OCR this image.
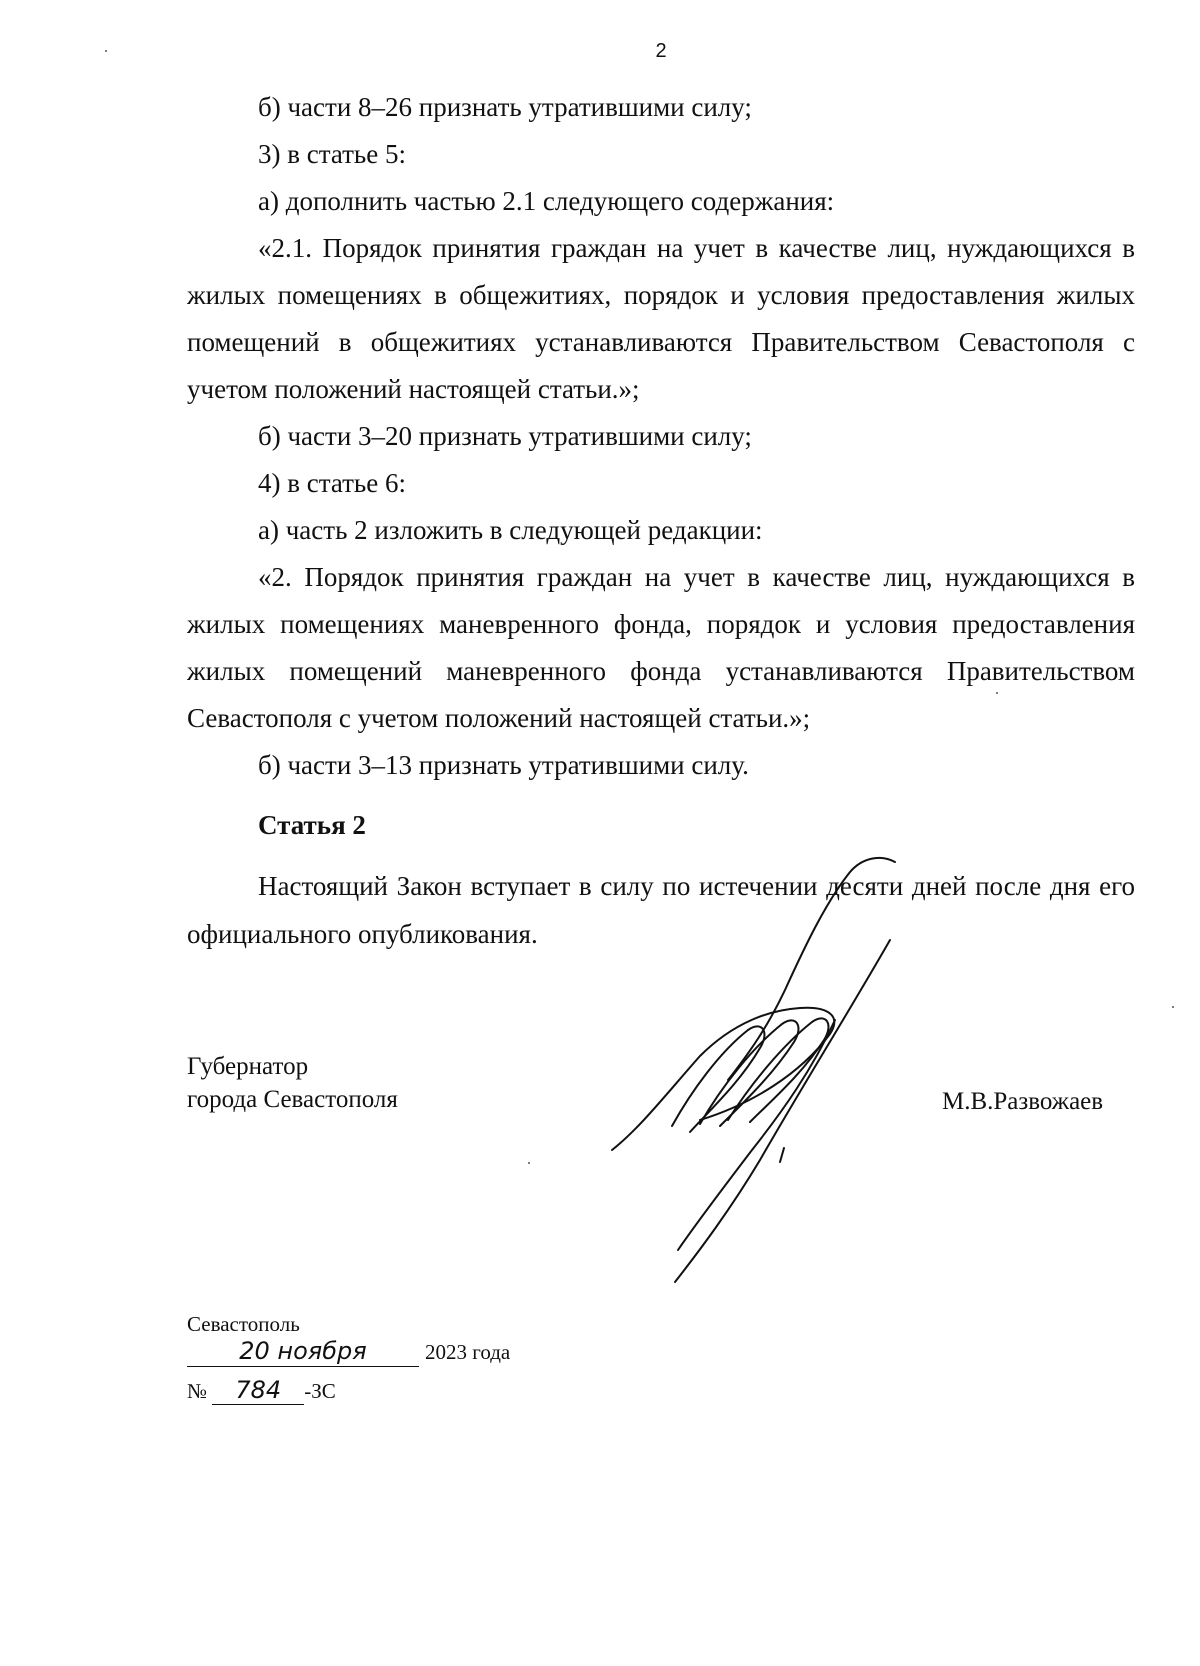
2

б) части 8–26 признать утратившими силу;

3) в статье 5:

а) дополнить частью 2.1 следующего содержания:

«2.1. Порядок принятия граждан на учет в качестве лиц, нуждающихся в жилых помещениях в общежитиях, порядок и условия предоставления жилых помещений в общежитиях устанавливаются Правительством Севастополя с учетом положений настоящей статьи.»;

б) части 3–20 признать утратившими силу;

4) в статье 6:

а) часть 2 изложить в следующей редакции:

«2. Порядок принятия граждан на учет в качестве лиц, нуждающихся в жилых помещениях маневренного фонда, порядок и условия предоставления жилых помещений маневренного фонда устанавливаются Правительством Севастополя с учетом положений настоящей статьи.»;

б) части 3–13 признать утратившими силу.

Статья 2

Настоящий Закон вступает в силу по истечении десяти дней после дня его официального опубликования.

Губернатор
города Севастополя	М.В.Развожаев
Севастополь
20 ноября	2023 года
№ 784 -ЗС
